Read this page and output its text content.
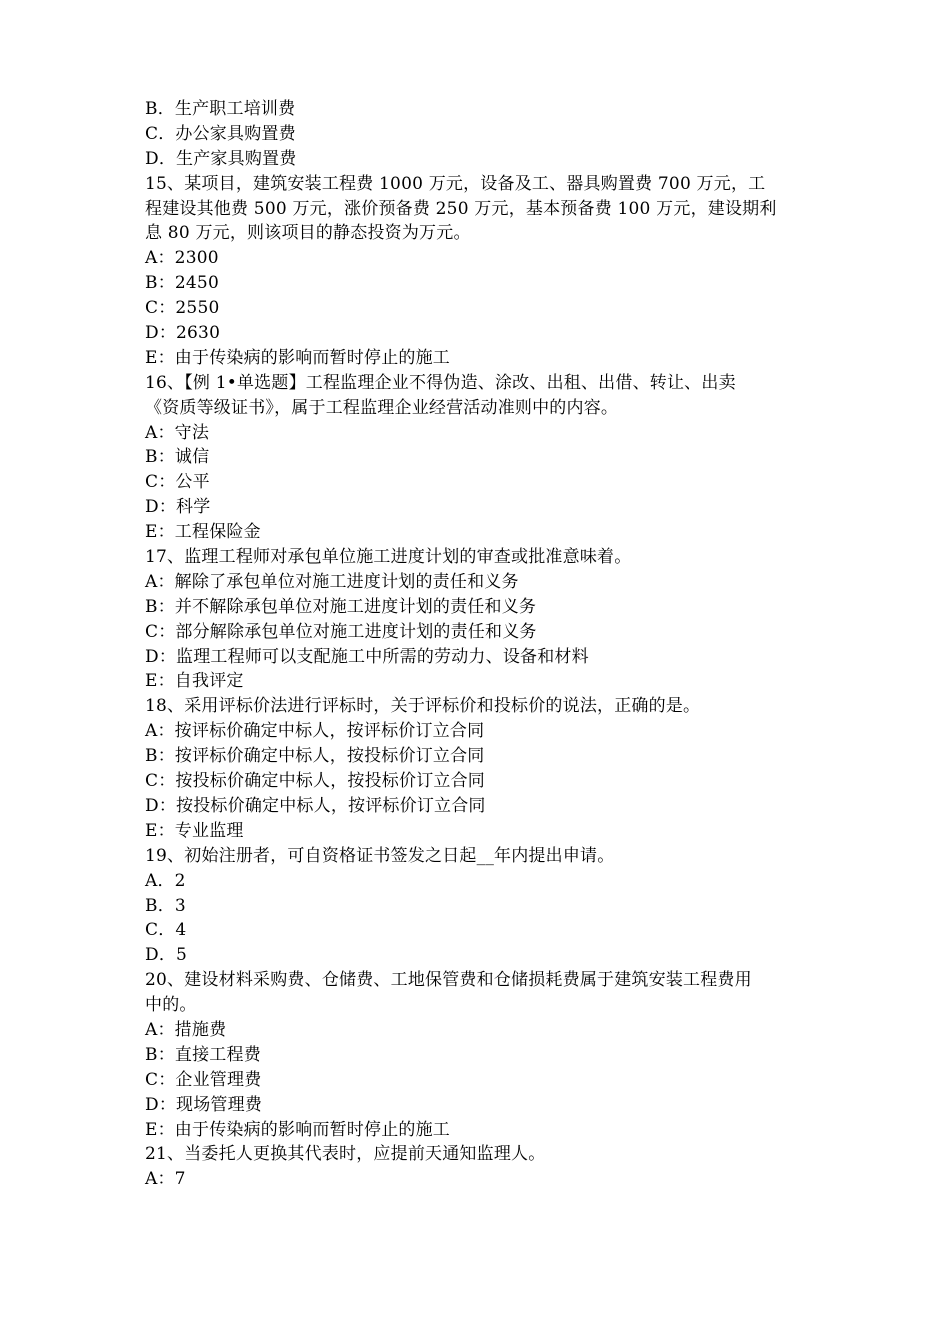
B．生产职工培训费
C．办公家具购置费
D．生产家具购置费
15、某项目，建筑安装工程费 1000 万元，设备及工、器具购置费 700 万元，工
程建设其他费 500 万元，涨价预备费 250 万元，基本预备费 100 万元，建设期利
息 80 万元，则该项目的静态投资为万元。
A：2300
B：2450
C：2550
D：2630
E：由于传染病的影响而暂时停止的施工
16、【例 1•单选题】工程监理企业不得伪造、涂改、出租、出借、转让、出卖
《资质等级证书》，属于工程监理企业经营活动准则中的内容。
A：守法
B：诚信
C：公平
D：科学
E：工程保险金
17、监理工程师对承包单位施工进度计划的审查或批准意味着。
A：解除了承包单位对施工进度计划的责任和义务
B：并不解除承包单位对施工进度计划的责任和义务
C：部分解除承包单位对施工进度计划的责任和义务
D：监理工程师可以支配施工中所需的劳动力、设备和材料
E：自我评定
18、采用评标价法进行评标时，关于评标价和投标价的说法，正确的是。
A：按评标价确定中标人，按评标价订立合同
B：按评标价确定中标人，按投标价订立合同
C：按投标价确定中标人，按投标价订立合同
D：按投标价确定中标人，按评标价订立合同
E：专业监理
19、初始注册者，可自资格证书签发之日起__年内提出申请。
A．2
B．3
C．4
D．5
20、建设材料采购费、仓储费、工地保管费和仓储损耗费属于建筑安装工程费用
中的。
A：措施费
B：直接工程费
C：企业管理费
D：现场管理费
E：由于传染病的影响而暂时停止的施工
21、当委托人更换其代表时，应提前天通知监理人。
A：7
